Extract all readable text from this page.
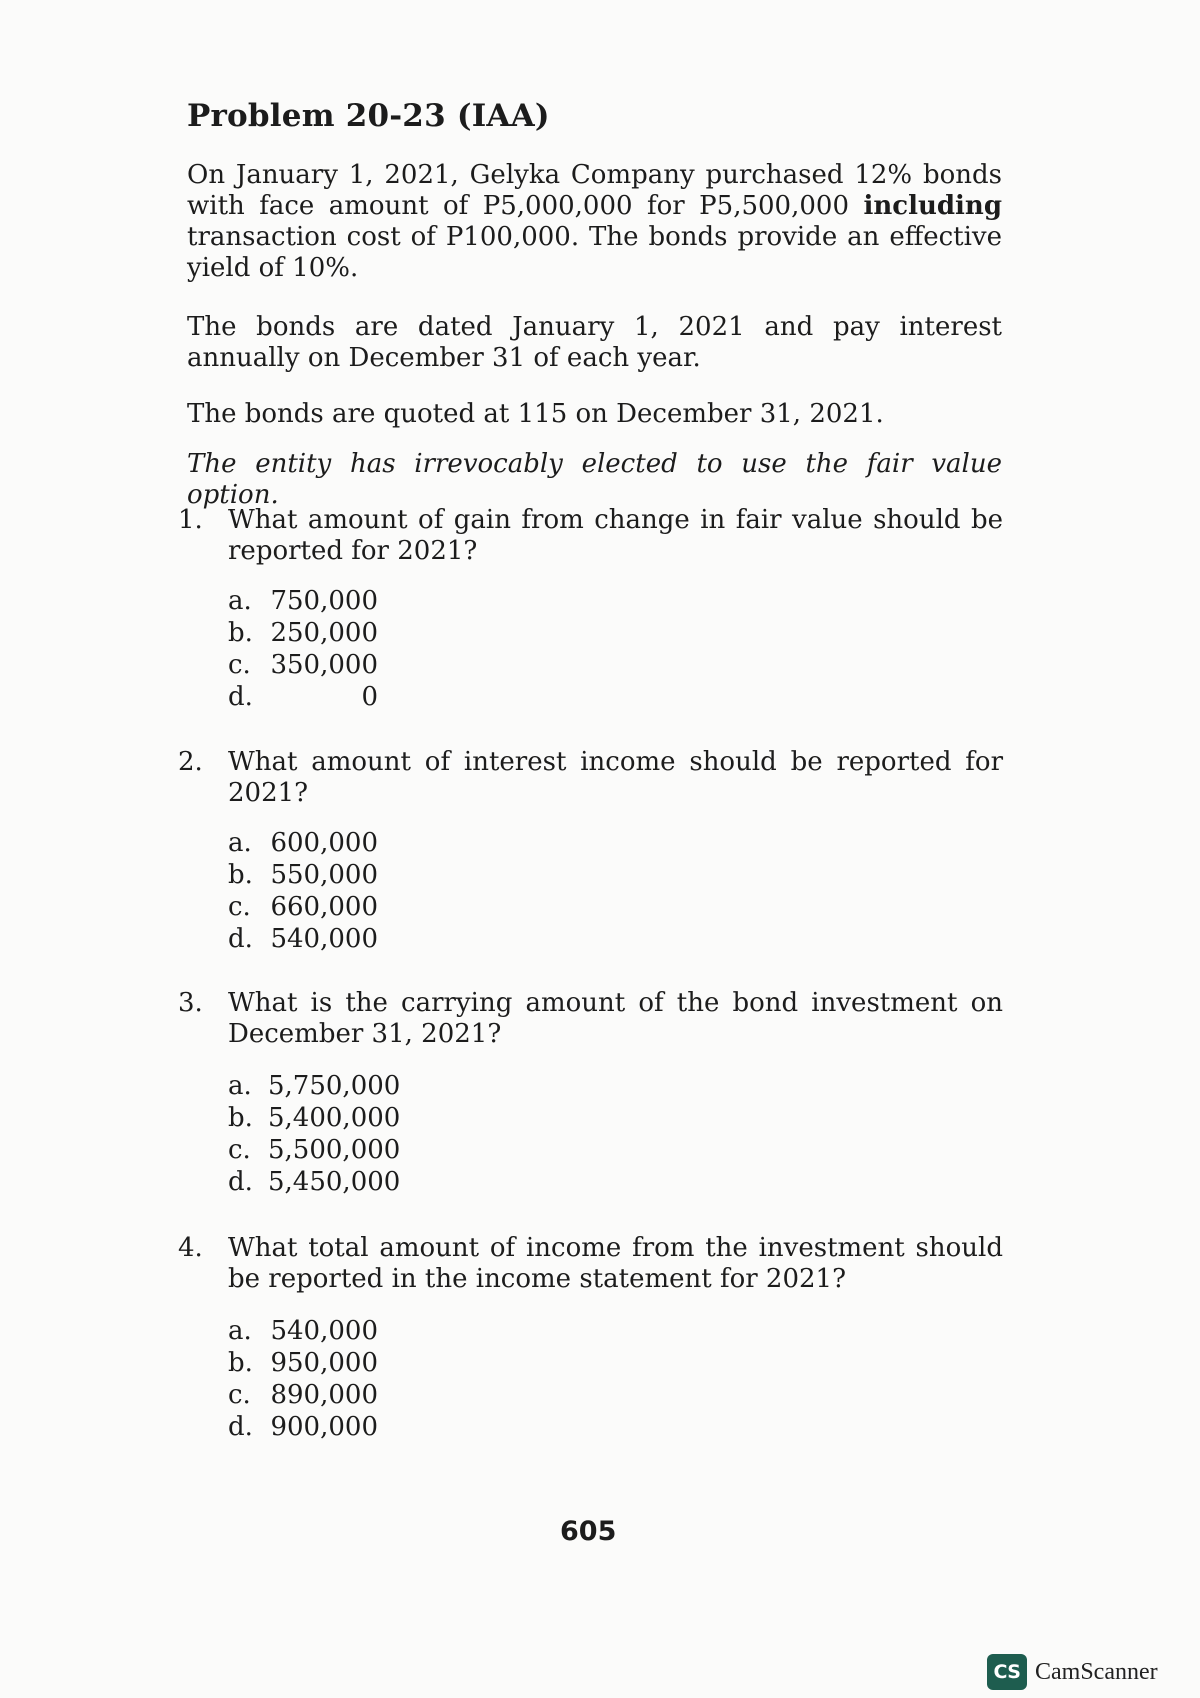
Problem 20-23 (IAA)
On January 1, 2021, Gelyka Company purchased 12% bonds with face amount of P5,000,000 for P5,500,000 including transaction cost of P100,000. The bonds provide an effective yield of 10%.
The bonds are dated January 1, 2021 and pay interest annually on December 31 of each year.
The bonds are quoted at 115 on December 31, 2021.
The entity has irrevocably elected to use the fair value option.
1. What amount of gain from change in fair value should be reported for 2021?
a. 750,000
b. 250,000
c. 350,000
d.	0
2. What amount of interest income should be reported for 2021?
a. 600,000
b. 550,000
c. 660,000
d. 540,000
3. What is the carrying amount of the bond investment on December 31, 2021?
a. 5,750,000
b. 5,400,000
c. 5,500,000
d. 5,450,000
4. What total amount of income from the investment should be reported in the income statement for 2021?
a. 540,000
b. 950,000
c. 890,000
d. 900,000
605
CS CamScanner
